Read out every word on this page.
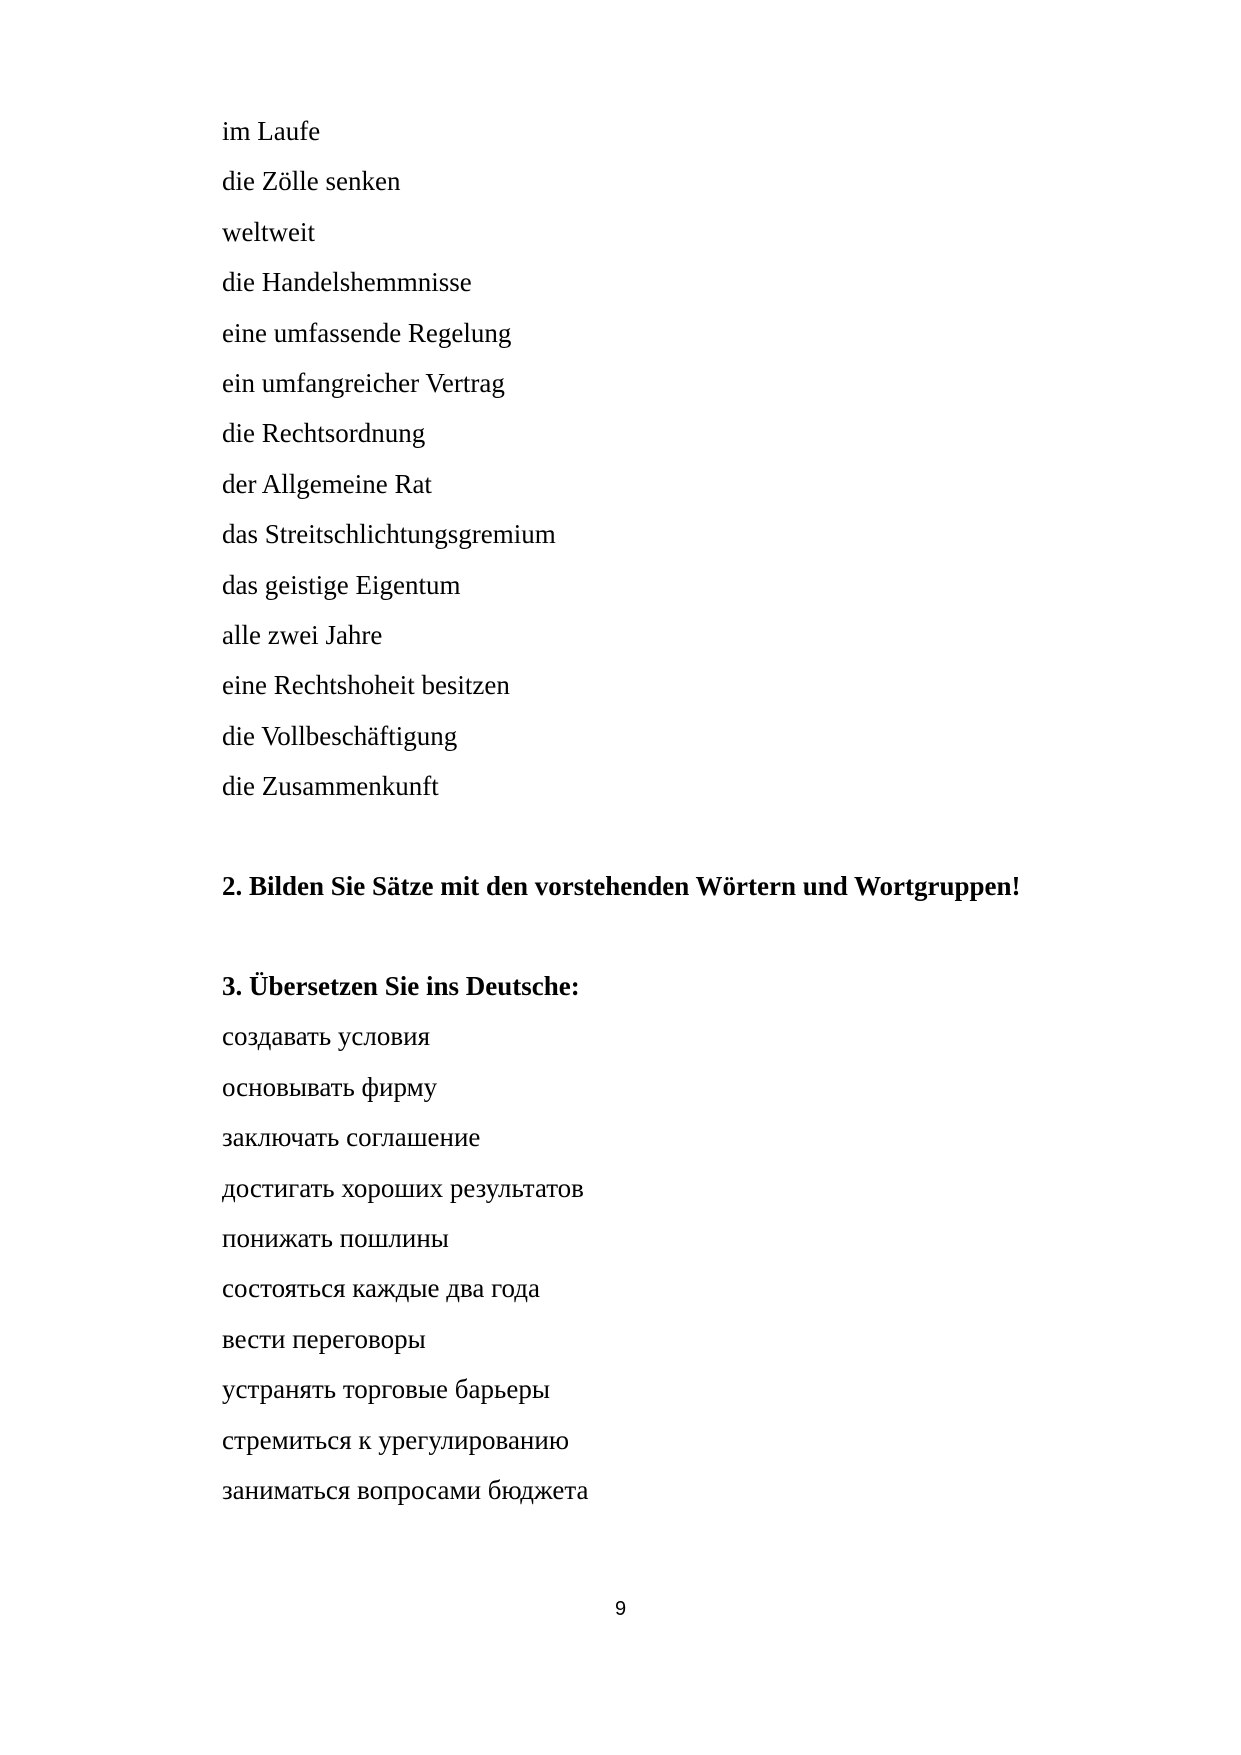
im Laufe
die Zölle senken
weltweit
die Handelshemmnisse
eine umfassende Regelung
ein umfangreicher Vertrag
die Rechtsordnung
der Allgemeine Rat
das Streitschlichtungsgremium
das geistige Eigentum
alle zwei Jahre
eine Rechtshoheit besitzen
die Vollbeschäftigung
die Zusammenkunft
2. Bilden Sie Sätze mit den vorstehenden Wörtern und Wortgruppen!
3. Übersetzen Sie ins Deutsche:
создавать условия
основывать фирму
заключать соглашение
достигать хороших результатов
понижать пошлины
состояться каждые два года
вести переговоры
устранять торговые барьеры
стремиться к урегулированию
заниматься вопросами бюджета
9
